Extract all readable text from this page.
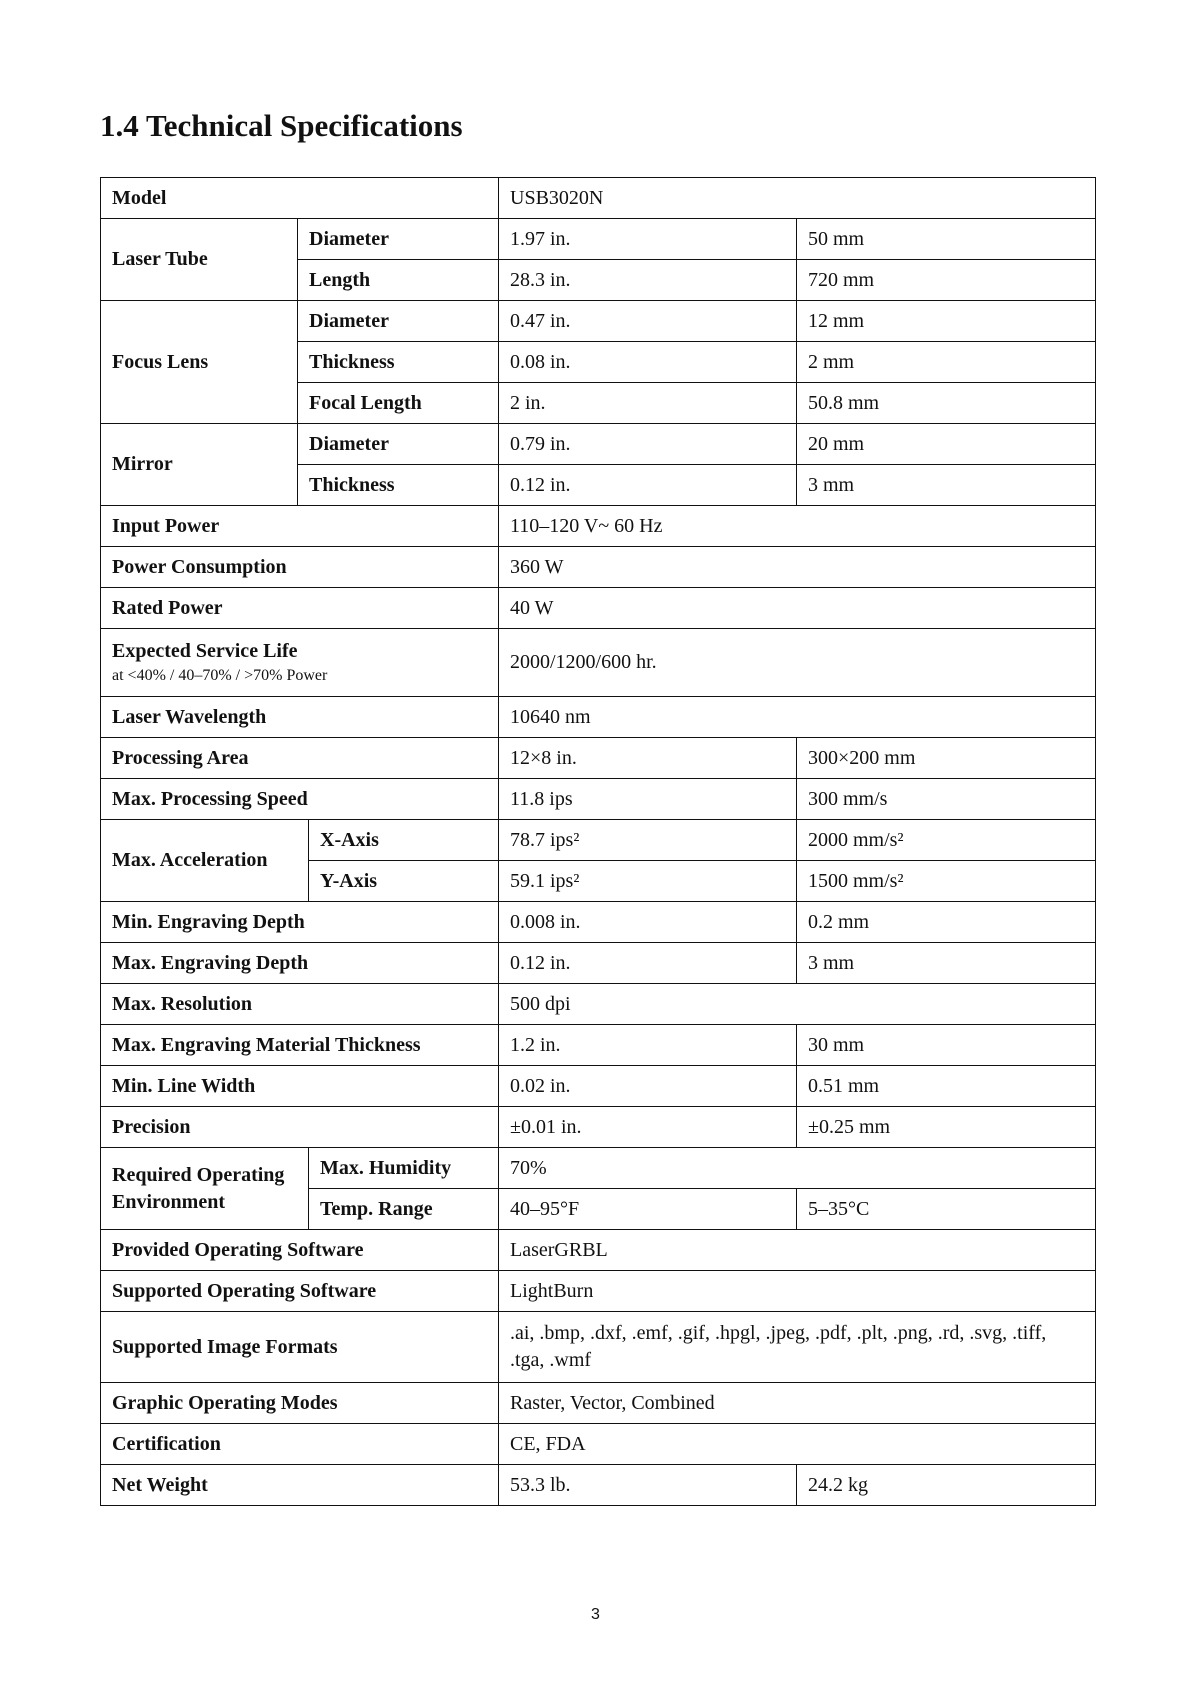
1.4 Technical Specifications
Model			USB3020N	
Laser Tube	Diameter		1.97 in.	50 mm
	Length		28.3 in.	720 mm
Focus Lens	Diameter		0.47 in.	12 mm
	Thickness		0.08 in.	2 mm
	Focal Length		2 in.	50.8 mm
Mirror	Diameter		0.79 in.	20 mm
	Thickness		0.12 in.	3 mm
Input Power			110–120 V~ 60 Hz	
Power Consumption			360 W	
Rated Power			40 W	
Expected Service Life
at <40% / 40–70% / >70% Power			2000/1200/600 hr.	
Laser Wavelength			10640 nm	
Processing Area			12×8 in.	300×200 mm
Max. Processing Speed			11.8 ips	300 mm/s
Max. Acceleration		X-Axis	78.7 ips²	2000 mm/s²
		Y-Axis	59.1 ips²	1500 mm/s²
Min. Engraving Depth			0.008 in.	0.2 mm
Max. Engraving Depth			0.12 in.	3 mm
Max. Resolution			500 dpi	
Max. Engraving Material Thickness			1.2 in.	30 mm
Min. Line Width			0.02 in.	0.51 mm
Precision			±0.01 in.	±0.25 mm
Required Operating Environment		Max. Humidity	70%	
		Temp. Range	40–95°F	5–35°C
Provided Operating Software			LaserGRBL	
Supported Operating Software			LightBurn	
Supported Image Formats			.ai, .bmp, .dxf, .emf, .gif, .hpgl, .jpeg, .pdf, .plt, .png, .rd, .svg, .tiff, .tga, .wmf	
Graphic Operating Modes			Raster, Vector, Combined	
Certification			CE, FDA	
Net Weight			53.3 lb.	24.2 kg
3
